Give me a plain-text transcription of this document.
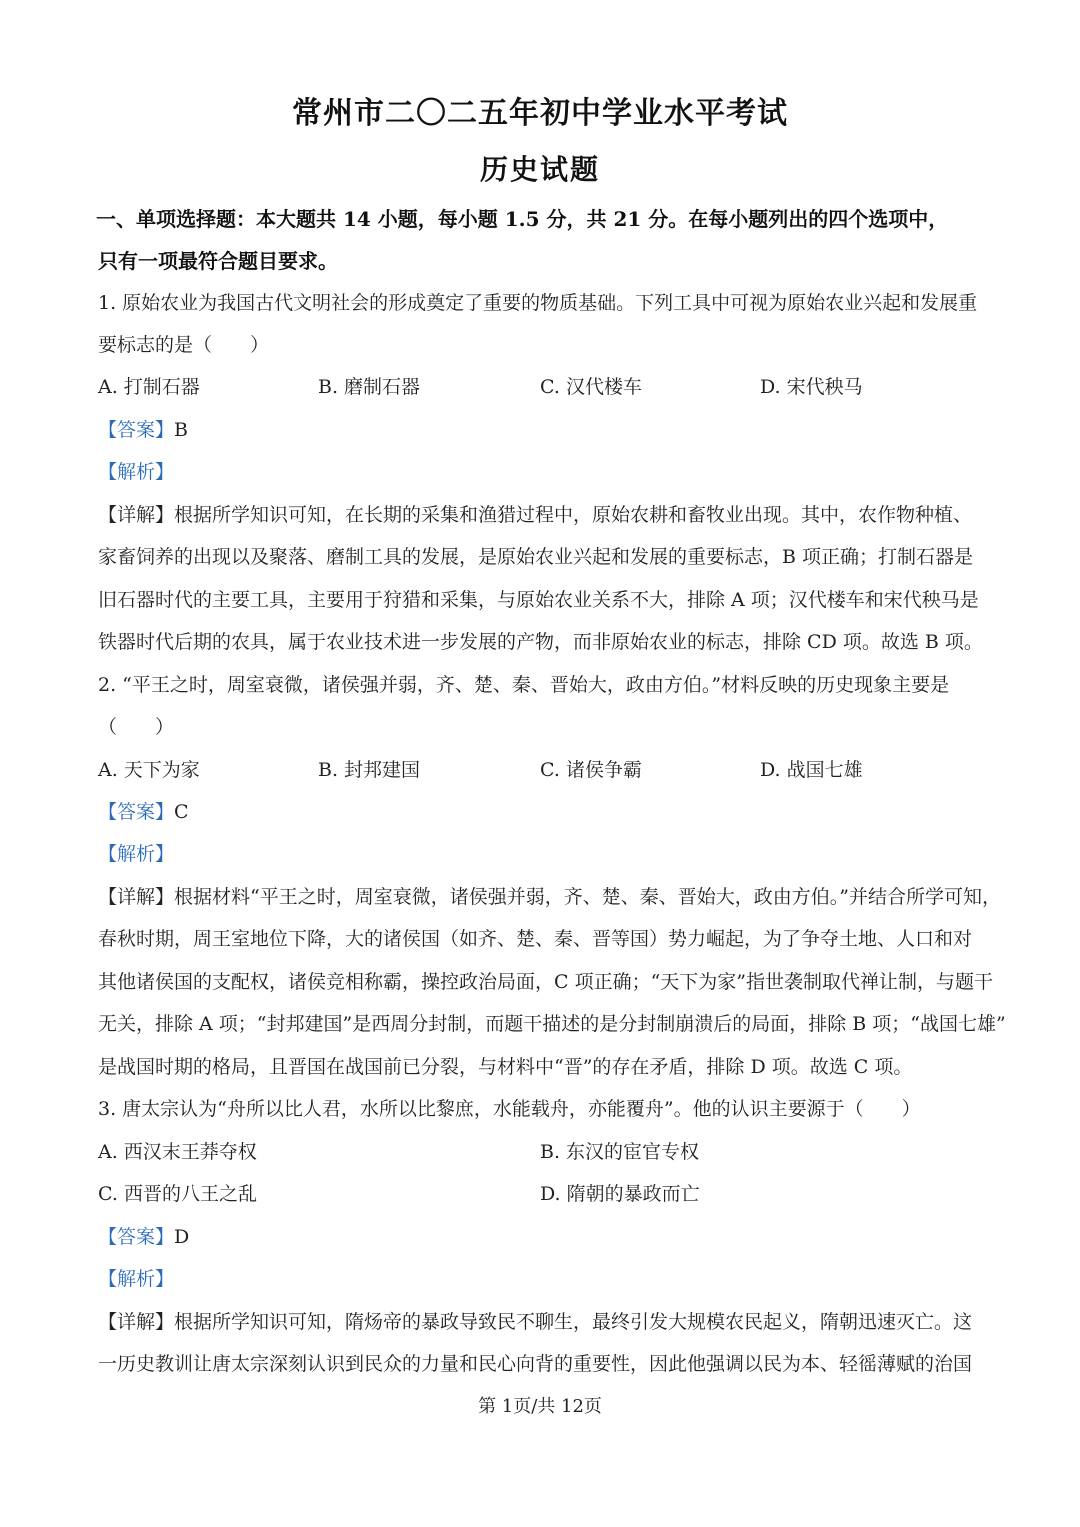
常州市二〇二五年初中学业水平考试
历史试题
一、单项选择题：本大题共 14 小题，每小题 1.5 分，共 21 分。在每小题列出的四个选项中，
只有一项最符合题目要求。
1. 原始农业为我国古代文明社会的形成奠定了重要的物质基础。下列工具中可视为原始农业兴起和发展重
要标志的是（　　）
A. 打制石器	B. 磨制石器	C. 汉代楼车	D. 宋代秧马
【答案】B
【解析】
【详解】根据所学知识可知，在长期的采集和渔猎过程中，原始农耕和畜牧业出现。其中，农作物种植、
家畜饲养的出现以及聚落、磨制工具的发展，是原始农业兴起和发展的重要标志，B 项正确；打制石器是
旧石器时代的主要工具，主要用于狩猎和采集，与原始农业关系不大，排除 A 项；汉代楼车和宋代秧马是
铁器时代后期的农具，属于农业技术进一步发展的产物，而非原始农业的标志，排除 CD 项。故选 B 项。
2. “平王之时，周室衰微，诸侯强并弱，齐、楚、秦、晋始大，政由方伯。”材料反映的历史现象主要是
（　　）
A. 天下为家	B. 封邦建国	C. 诸侯争霸	D. 战国七雄
【答案】C
【解析】
【详解】根据材料“平王之时，周室衰微，诸侯强并弱，齐、楚、秦、晋始大，政由方伯。”并结合所学可知，
春秋时期，周王室地位下降，大的诸侯国（如齐、楚、秦、晋等国）势力崛起，为了争夺土地、人口和对
其他诸侯国的支配权，诸侯竞相称霸，操控政治局面，C 项正确；“天下为家”指世袭制取代禅让制，与题干
无关，排除 A 项；“封邦建国”是西周分封制，而题干描述的是分封制崩溃后的局面，排除 B 项；“战国七雄”
是战国时期的格局，且晋国在战国前已分裂，与材料中“晋”的存在矛盾，排除 D 项。故选 C 项。
3. 唐太宗认为“舟所以比人君，水所以比黎庶，水能载舟，亦能覆舟”。他的认识主要源于（　　）
A. 西汉末王莽夺权	B. 东汉的宦官专权
C. 西晋的八王之乱	D. 隋朝的暴政而亡
【答案】D
【解析】
【详解】根据所学知识可知，隋炀帝的暴政导致民不聊生，最终引发大规模农民起义，隋朝迅速灭亡。这
一历史教训让唐太宗深刻认识到民众的力量和民心向背的重要性，因此他强调以民为本、轻徭薄赋的治国
第 1页/共 12页
